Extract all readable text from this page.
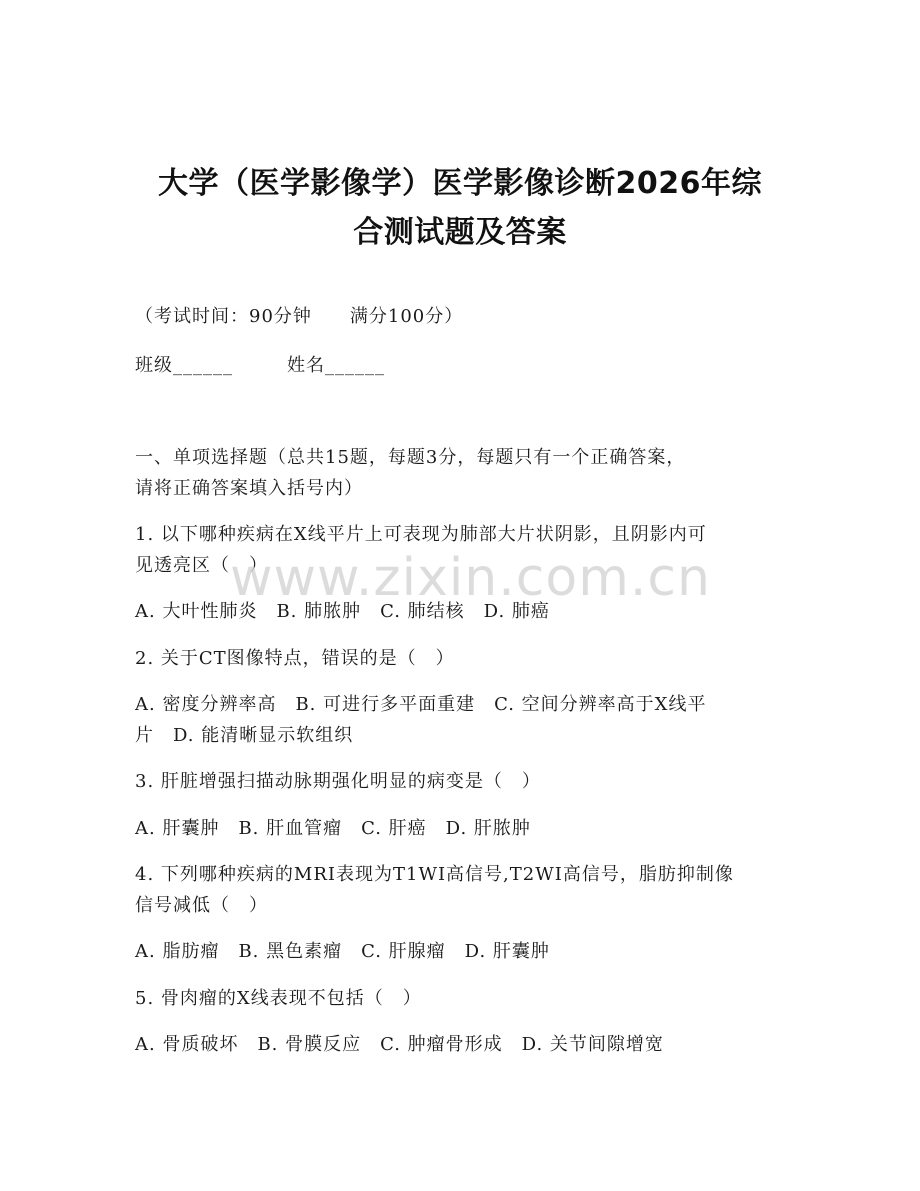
大学（医学影像学）医学影像诊断2026年综
合测试题及答案
（考试时间：90分钟　　满分100分）
班级______	姓名______
一、单项选择题（总共15题，每题3分，每题只有一个正确答案，
请将正确答案填入括号内）
1. 以下哪种疾病在X线平片上可表现为肺部大片状阴影，且阴影内可
见透亮区（　）
A. 大叶性肺炎　B. 肺脓肿　C. 肺结核　D. 肺癌
2. 关于CT图像特点，错误的是（　）
A. 密度分辨率高　B. 可进行多平面重建　C. 空间分辨率高于X线平
片　D. 能清晰显示软组织
3. 肝脏增强扫描动脉期强化明显的病变是（　）
A. 肝囊肿　B. 肝血管瘤　C. 肝癌　D. 肝脓肿
4. 下列哪种疾病的MRI表现为T1WI高信号,T2WI高信号，脂肪抑制像
信号减低（　）
A. 脂肪瘤　B. 黑色素瘤　C. 肝腺瘤　D. 肝囊肿
5. 骨肉瘤的X线表现不包括（　）
A. 骨质破坏　B. 骨膜反应　C. 肿瘤骨形成　D. 关节间隙增宽
www.zixin.com.cn
